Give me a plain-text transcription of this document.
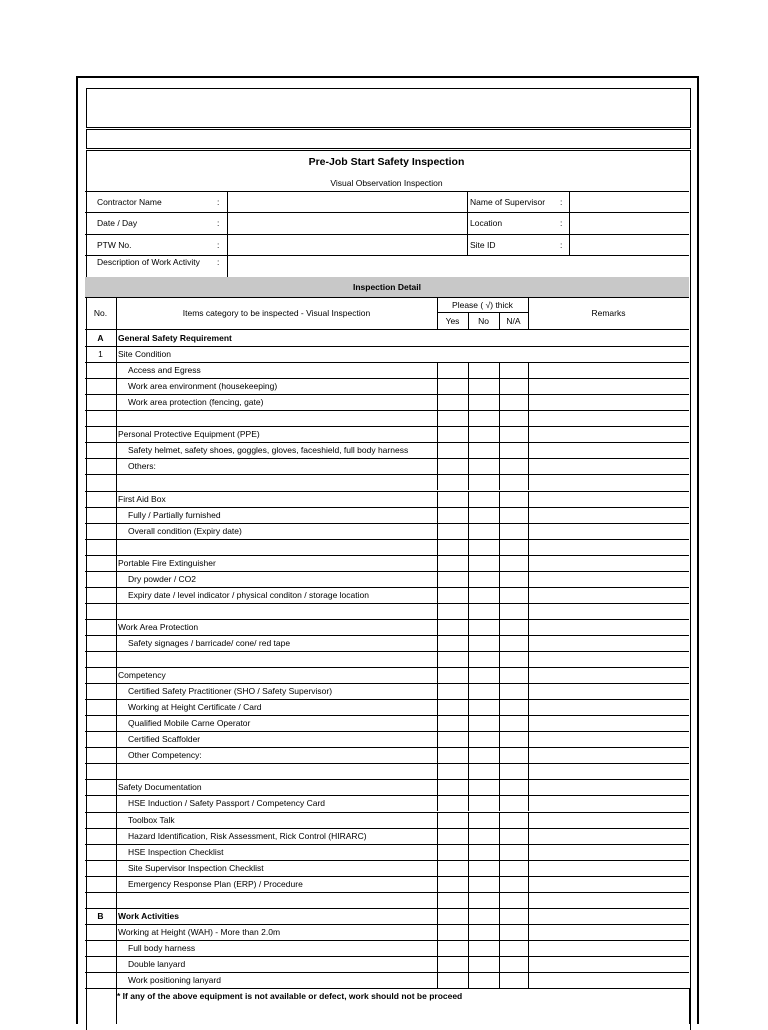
Pre-Job Start Safety Inspection
Visual Observation Inspection
Contractor Name	:
Date / Day	:
PTW No.	:
Description of Work Activity :
Name of Supervisor :
Location	:
Site ID	:
Inspection Detail
No.	Items category to be inspected - Visual Inspection
Please ( √) thick
Yes	No	N/A
Remarks
A	General Safety Requirement
1	Site Condition
Access and Egress
Work area environment (housekeeping)
Work area protection (fencing, gate)
Personal Protective Equipment (PPE)
Safety helmet, safety shoes, goggles, gloves, faceshield, full body harness
Others:
First Aid Box
Fully / Partially furnished
Overall condition (Expiry date)
Portable Fire Extinguisher
Dry powder / CO2
Expiry date / level indicator / physical conditon / storage location
Work Area Protection
Safety signages / barricade/ cone/ red tape
Competency
Certified Safety Practitioner (SHO / Safety Supervisor)
Working at Height Certificate / Card
Qualified Mobile Carne Operator
Certified Scaffolder
Other Competency:
Safety Documentation
HSE Induction / Safety Passport / Competency Card
Toolbox Talk
Hazard Identification, Risk Assessment, Rick Control (HIRARC)
HSE Inspection Checklist
Site Supervisor Inspection Checklist
Emergency Response Plan (ERP) / Procedure
B	Work Activities
Working at Height (WAH) - More than 2.0m
Full body harness
Double lanyard
Work positioning lanyard
* If any of the above equipment is not available or defect, work should not be proceed
